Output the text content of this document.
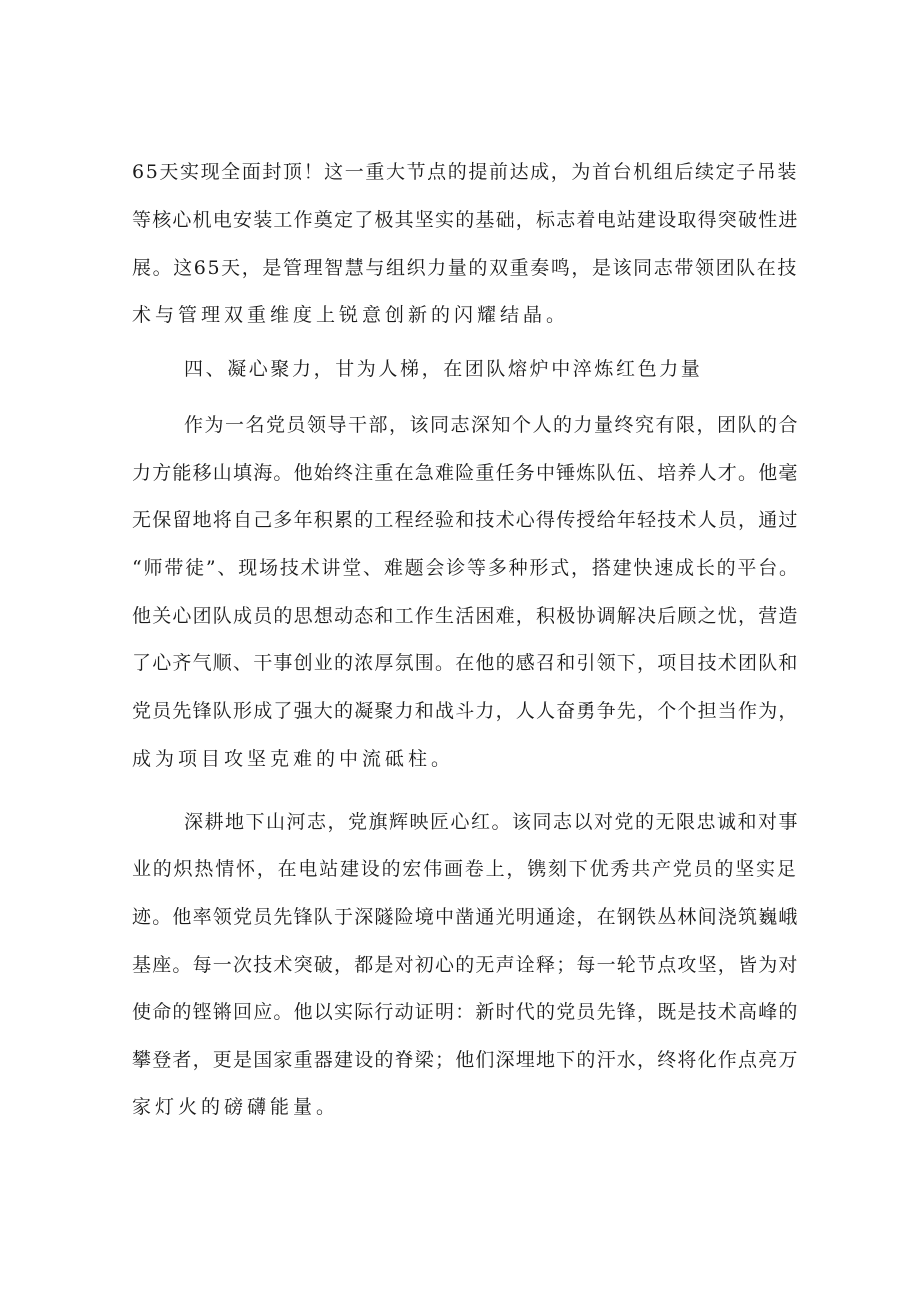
65天实现全面封顶！这一重大节点的提前达成，为首台机组后续定子吊装

等核心机电安装工作奠定了极其坚实的基础，标志着电站建设取得突破性进

展。这65天，是管理智慧与组织力量的双重奏鸣，是该同志带领团队在技

术与管理双重维度上锐意创新的闪耀结晶。

四、凝心聚力，甘为人梯，在团队熔炉中淬炼红色力量

作为一名党员领导干部，该同志深知个人的力量终究有限，团队的合

力方能移山填海。他始终注重在急难险重任务中锤炼队伍、培养人才。他毫

无保留地将自己多年积累的工程经验和技术心得传授给年轻技术人员，通过

“师带徒”、现场技术讲堂、难题会诊等多种形式，搭建快速成长的平台。

他关心团队成员的思想动态和工作生活困难，积极协调解决后顾之忧，营造

了心齐气顺、干事创业的浓厚氛围。在他的感召和引领下，项目技术团队和

党员先锋队形成了强大的凝聚力和战斗力，人人奋勇争先，个个担当作为，

成为项目攻坚克难的中流砥柱。

深耕地下山河志，党旗辉映匠心红。该同志以对党的无限忠诚和对事

业的炽热情怀，在电站建设的宏伟画卷上，镌刻下优秀共产党员的坚实足

迹。他率领党员先锋队于深隧险境中凿通光明通途，在钢铁丛林间浇筑巍峨

基座。每一次技术突破，都是对初心的无声诠释；每一轮节点攻坚，皆为对

使命的铿锵回应。他以实际行动证明：新时代的党员先锋，既是技术高峰的

攀登者，更是国家重器建设的脊梁；他们深埋地下的汗水，终将化作点亮万

家灯火的磅礴能量。
